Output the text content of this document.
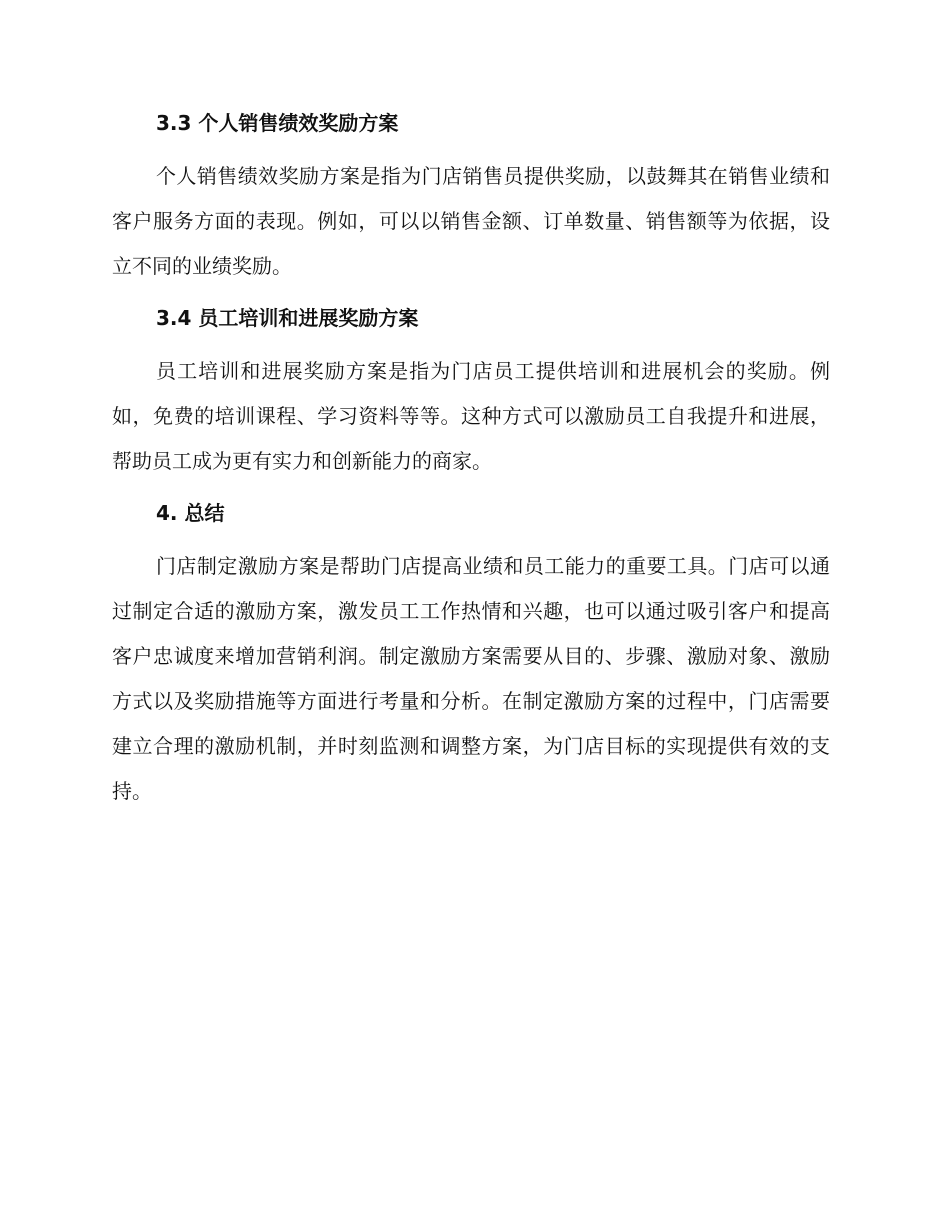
3.3 个人销售绩效奖励方案

个人销售绩效奖励方案是指为门店销售员提供奖励，以鼓舞其在销售业绩和客户服务方面的表现。例如，可以以销售金额、订单数量、销售额等为依据，设立不同的业绩奖励。

3.4 员工培训和进展奖励方案

员工培训和进展奖励方案是指为门店员工提供培训和进展机会的奖励。例如，免费的培训课程、学习资料等等。这种方式可以激励员工自我提升和进展，帮助员工成为更有实力和创新能力的商家。

4. 总结

门店制定激励方案是帮助门店提高业绩和员工能力的重要工具。门店可以通过制定合适的激励方案，激发员工工作热情和兴趣，也可以通过吸引客户和提高客户忠诚度来增加营销利润。制定激励方案需要从目的、步骤、激励对象、激励方式以及奖励措施等方面进行考量和分析。在制定激励方案的过程中，门店需要建立合理的激励机制，并时刻监测和调整方案，为门店目标的实现提供有效的支持。
